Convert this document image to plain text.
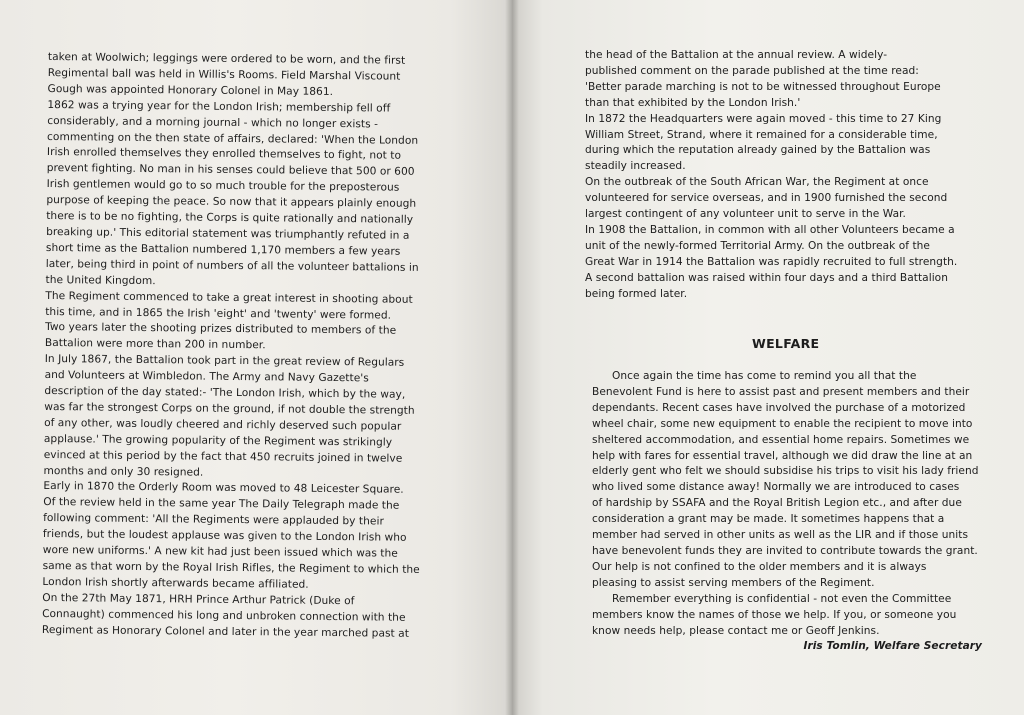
taken at Woolwich; leggings were ordered to be worn, and the first
Regimental ball was held in Willis's Rooms. Field Marshal Viscount
Gough was appointed Honorary Colonel in May 1861.
1862 was a trying year for the London Irish; membership fell off
considerably, and a morning journal - which no longer exists -
commenting on the then state of affairs, declared: 'When the London
Irish enrolled themselves they enrolled themselves to fight, not to
prevent fighting. No man in his senses could believe that 500 or 600
Irish gentlemen would go to so much trouble for the preposterous
purpose of keeping the peace. So now that it appears plainly enough
there is to be no fighting, the Corps is quite rationally and nationally
breaking up.' This editorial statement was triumphantly refuted in a
short time as the Battalion numbered 1,170 members a few years
later, being third in point of numbers of all the volunteer battalions in
the United Kingdom.
The Regiment commenced to take a great interest in shooting about
this time, and in 1865 the Irish 'eight' and 'twenty' were formed.
Two years later the shooting prizes distributed to members of the
Battalion were more than 200 in number.
In July 1867, the Battalion took part in the great review of Regulars
and Volunteers at Wimbledon. The Army and Navy Gazette's
description of the day stated:- 'The London Irish, which by the way,
was far the strongest Corps on the ground, if not double the strength
of any other, was loudly cheered and richly deserved such popular
applause.' The growing popularity of the Regiment was strikingly
evinced at this period by the fact that 450 recruits joined in twelve
months and only 30 resigned.
Early in 1870 the Orderly Room was moved to 48 Leicester Square.
Of the review held in the same year The Daily Telegraph made the
following comment: 'All the Regiments were applauded by their
friends, but the loudest applause was given to the London Irish who
wore new uniforms.' A new kit had just been issued which was the
same as that worn by the Royal Irish Rifles, the Regiment to which the
London Irish shortly afterwards became affiliated.
On the 27th May 1871, HRH Prince Arthur Patrick (Duke of
Connaught) commenced his long and unbroken connection with the
Regiment as Honorary Colonel and later in the year marched past at
the head of the Battalion at the annual review. A widely-
published comment on the parade published at the time read:
'Better parade marching is not to be witnessed throughout Europe
than that exhibited by the London Irish.'
In 1872 the Headquarters were again moved - this time to 27 King
William Street, Strand, where it remained for a considerable time,
during which the reputation already gained by the Battalion was
steadily increased.
On the outbreak of the South African War, the Regiment at once
volunteered for service overseas, and in 1900 furnished the second
largest contingent of any volunteer unit to serve in the War.
In 1908 the Battalion, in common with all other Volunteers became a
unit of the newly-formed Territorial Army. On the outbreak of the
Great War in 1914 the Battalion was rapidly recruited to full strength.
A second battalion was raised within four days and a third Battalion
being formed later.
WELFARE
Once again the time has come to remind you all that the
Benevolent Fund is here to assist past and present members and their
dependants. Recent cases have involved the purchase of a motorized
wheel chair, some new equipment to enable the recipient to move into
sheltered accommodation, and essential home repairs. Sometimes we
help with fares for essential travel, although we did draw the line at an
elderly gent who felt we should subsidise his trips to visit his lady friend
who lived some distance away! Normally we are introduced to cases
of hardship by SSAFA and the Royal British Legion etc., and after due
consideration a grant may be made. It sometimes happens that a
member had served in other units as well as the LIR and if those units
have benevolent funds they are invited to contribute towards the grant.
Our help is not confined to the older members and it is always
pleasing to assist serving members of the Regiment.
Remember everything is confidential - not even the Committee
members know the names of those we help. If you, or someone you
know needs help, please contact me or Geoff Jenkins.
Iris Tomlin, Welfare Secretary
